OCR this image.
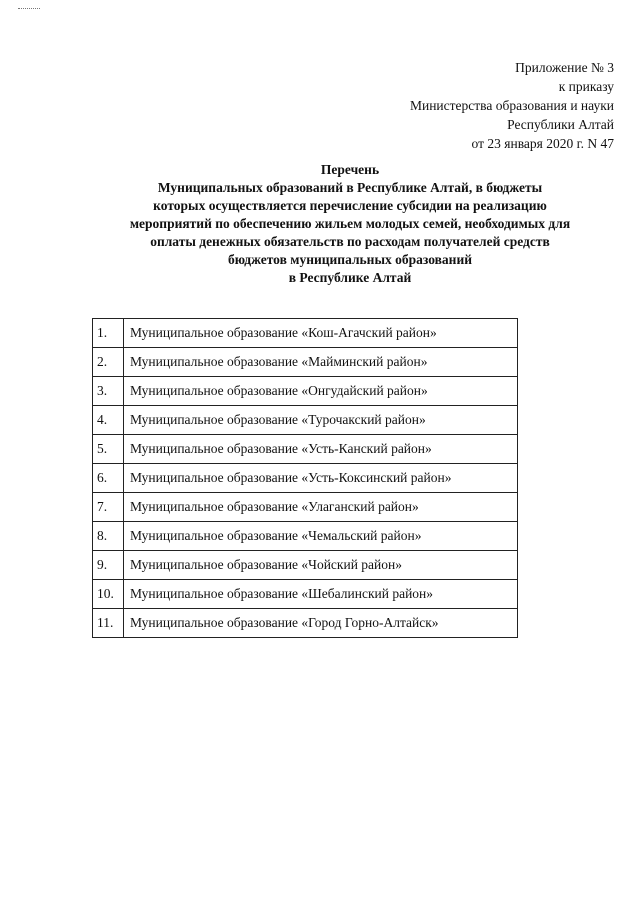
Приложение № 3
к приказу
Министерства образования и науки
Республики Алтай
от 23 января 2020 г. N 47
Перечень
Муниципальных образований в Республике Алтай, в бюджеты
которых осуществляется перечисление субсидии на реализацию
мероприятий по обеспечению жильем молодых семей, необходимых для
оплаты денежных обязательств по расходам получателей средств
бюджетов муниципальных образований
в Республике Алтай
1.	Муниципальное образование «Кош-Агачский район»
2.	Муниципальное образование «Майминский район»
3.	Муниципальное образование «Онгудайский район»
4.	Муниципальное образование «Турочакский район»
5.	Муниципальное образование «Усть-Канский район»
6.	Муниципальное образование «Усть-Коксинский район»
7.	Муниципальное образование «Улаганский район»
8.	Муниципальное образование «Чемальский район»
9.	Муниципальное образование «Чойский район»
10.	Муниципальное образование «Шебалинский район»
11.	Муниципальное образование «Город Горно-Алтайск»
